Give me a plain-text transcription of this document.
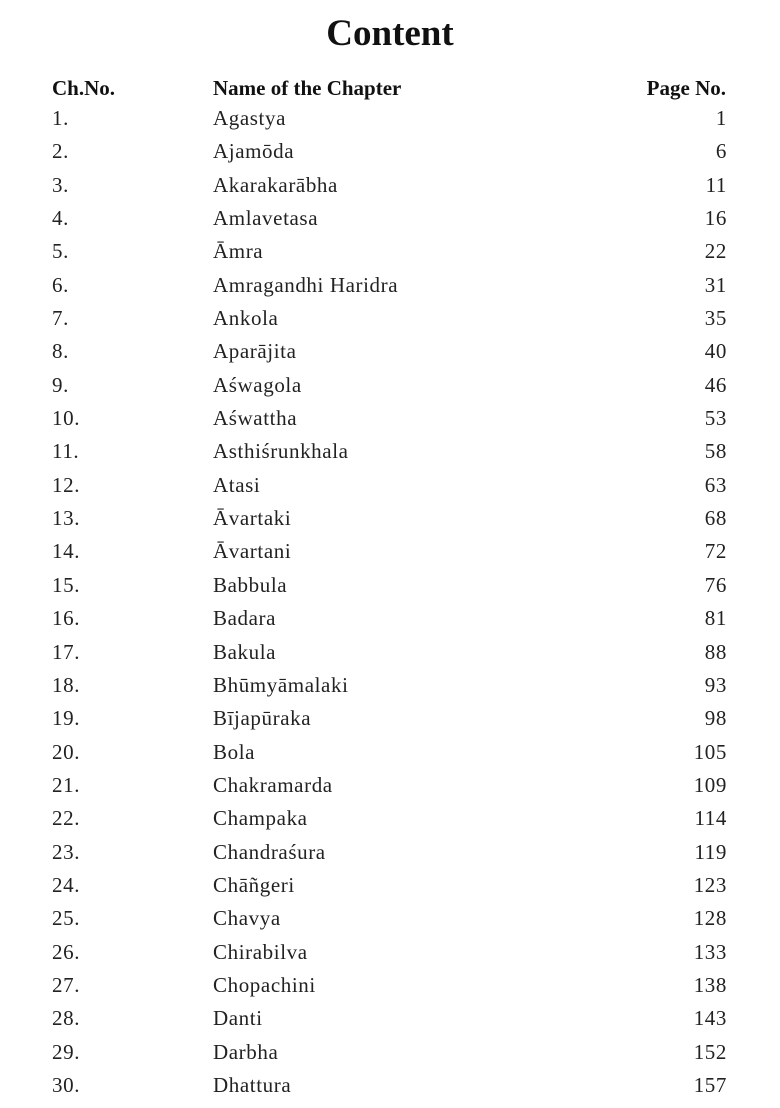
Content
Ch.No.	Name of the Chapter	Page No.
1.	Agastya	1
2.	Ajamōda	6
3.	Akarakarābha	11
4.	Amlavetasa	16
5.	Āmra	22
6.	Amragandhi Haridra	31
7.	Ankola	35
8.	Aparājita	40
9.	Aśwagola	46
10.	Aśwattha	53
11.	Asthiśrunkhala	58
12.	Atasi	63
13.	Āvartaki	68
14.	Āvartani	72
15.	Babbula	76
16.	Badara	81
17.	Bakula	88
18.	Bhūmyāmalaki	93
19.	Bījapūraka	98
20.	Bola	105
21.	Chakramarda	109
22.	Champaka	114
23.	Chandraśura	119
24.	Chāñgeri	123
25.	Chavya	128
26.	Chirabilva	133
27.	Chopachini	138
28.	Danti	143
29.	Darbha	152
30.	Dhattura	157
